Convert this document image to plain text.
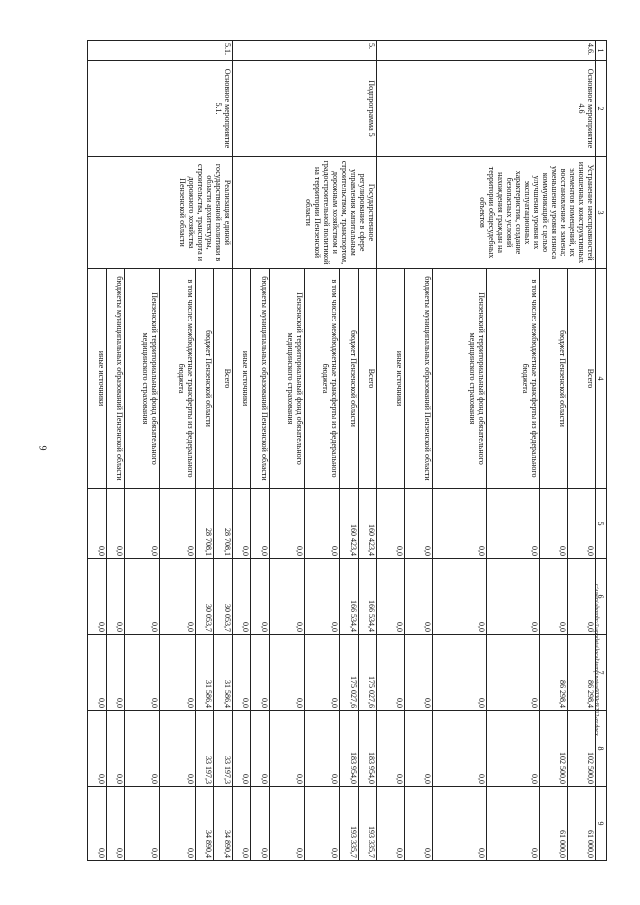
9
c:\users\shorob~1\appdata\local\temp\notes6030c8\212-zr.docx
1	2	3	4	5	6	7	8	9
4.6.	Основное мероприятие 4.6	Устранение неисправностей изношенных конструктивных элементов помещений, их восстановление и замена; уменьшение уровня износа коммуникаций с целью улучшения уровня их эксплуатационных характеристик, создание безопасных условий нахождения граждан на территории общеcудебных объектов	Всего	0,0	0,0	86 298,4	102 500,0	61 000,0
			бюджет Пензенской области	0,0	0,0	86 298,4	102 500,0	61 000,0
			в том числе: межбюджетные трансферты из федерального бюджета	0,0	0,0	0,0	0,0	0,0
			Пензенский территориальный фонд обязательного медицинского страхования	0,0	0,0	0,0	0,0	0,0
			бюджеты муниципальных образований Пензенской области	0,0	0,0	0,0	0,0	0,0
			иные источники	0,0	0,0	0,0	0,0	0,0
5.	Подпрограмма 5	Государственное регулирование в сфере управления капитальным строительством, транспортом, дорожным хозяйством и градостроительной политикой на территории Пензенской области	Всего	160 423,4	166 534,4	175 027,6	183 954,0	193 335,7
			бюджет Пензенской области	160 423,4	166 534,4	175 027,6	183 954,0	193 335,7
			в том числе: межбюджетные трансферты из федерального бюджета	0,0	0,0	0,0	0,0	0,0
			Пензенский территориальный фонд обязательного медицинского страхования	0,0	0,0	0,0	0,0	0,0
			бюджеты муниципальных образований Пензенской области	0,0	0,0	0,0	0,0	0,0
			иные источники	0,0	0,0	0,0	0,0	0,0
5.1.	Основное мероприятие 5.1.	Реализация единой государственной политики в области архитектуры, строительства, транспорта и дорожного хозяйства Пензенской области	Всего	28 708,1	30 053,7	31 586,4	33 197,3	34 890,4
			бюджет Пензенской области	28 708,1	30 053,7	31 586,4	33 197,3	34 890,4
			в том числе: межбюджетные трансферты из федерального бюджета	0,0	0,0	0,0	0,0	0,0
			Пензенский территориальный фонд обязательного медицинского страхования	0,0	0,0	0,0	0,0	0,0
			бюджеты муниципальных образований Пензенской области	0,0	0,0	0,0	0,0	0,0
			иные источники	0,0	0,0	0,0	0,0	0,0
